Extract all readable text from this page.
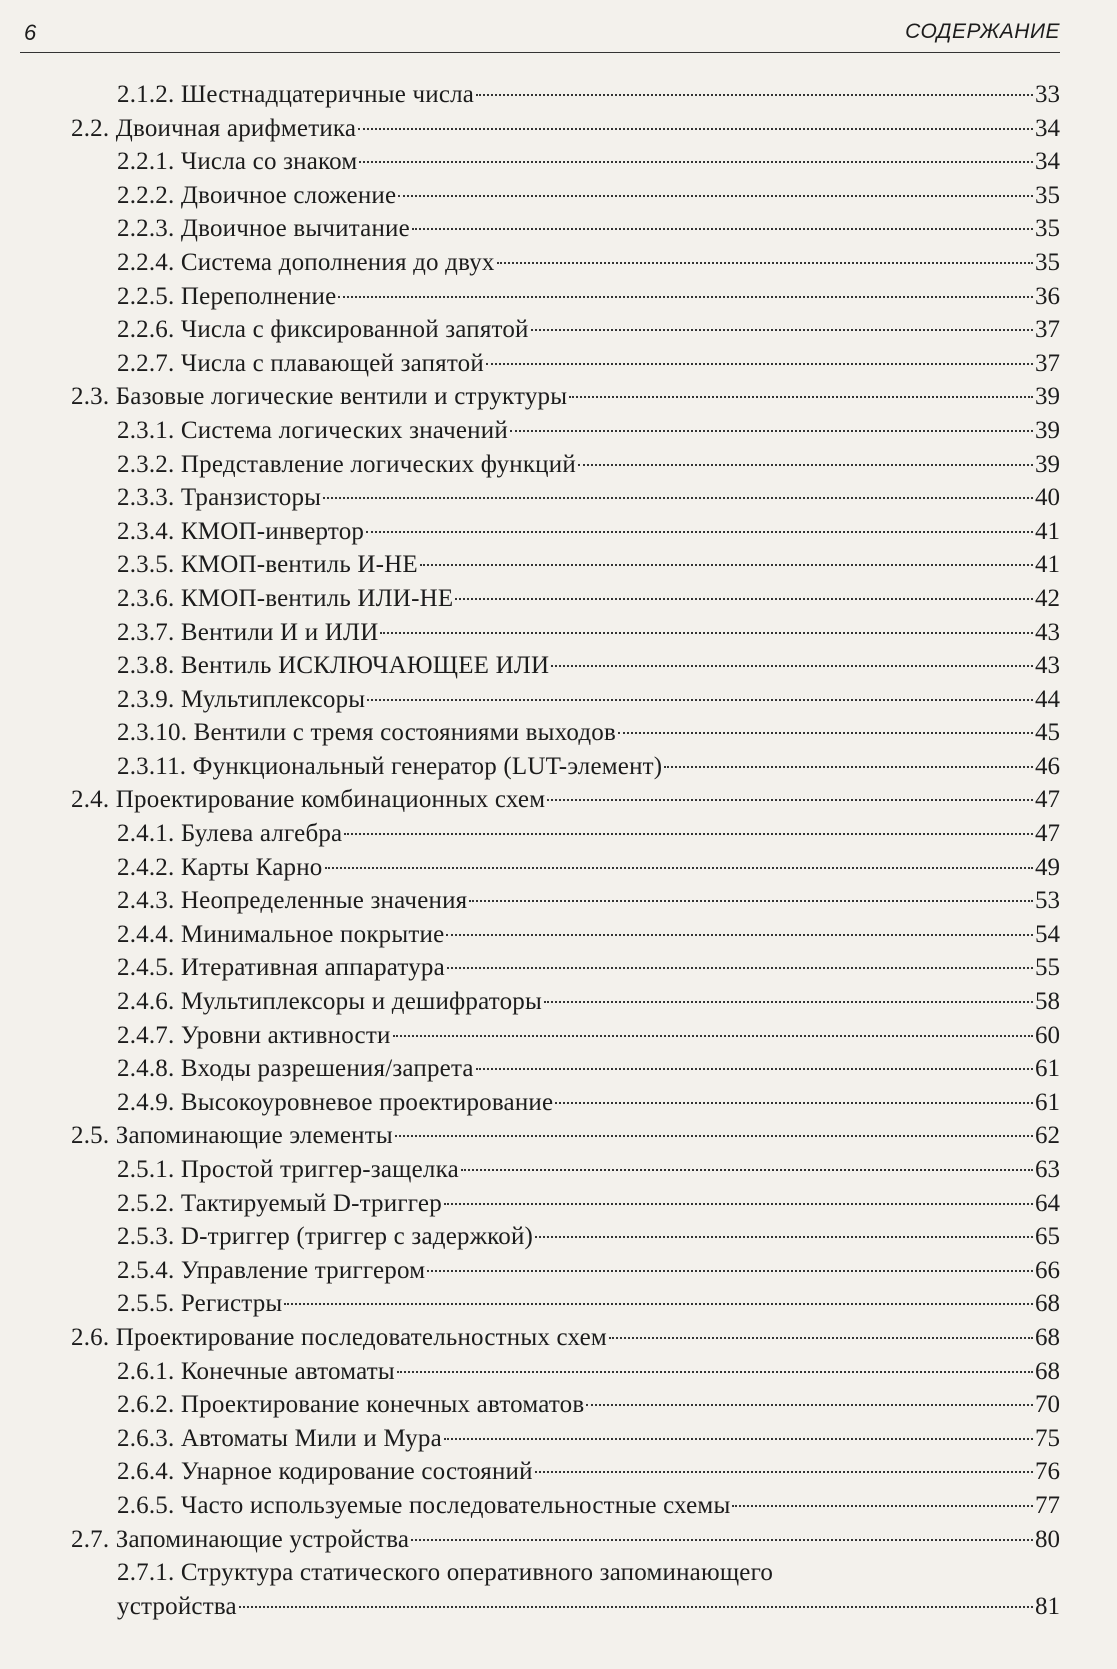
6	СОДЕРЖАНИЕ
2.1.2. Шестнадцатеричные числа	33
2.2. Двоичная арифметика	34
2.2.1. Числа со знаком	34
2.2.2. Двоичное сложение	35
2.2.3. Двоичное вычитание	35
2.2.4. Система дополнения до двух	35
2.2.5. Переполнение	36
2.2.6. Числа с фиксированной запятой	37
2.2.7. Числа с плавающей запятой	37
2.3. Базовые логические вентили и структуры	39
2.3.1. Система логических значений	39
2.3.2. Представление логических функций	39
2.3.3. Транзисторы	40
2.3.4. КМОП-инвертор	41
2.3.5. КМОП-вентиль И-НЕ	41
2.3.6. КМОП-вентиль ИЛИ-НЕ	42
2.3.7. Вентили И и ИЛИ	43
2.3.8. Вентиль ИСКЛЮЧАЮЩЕЕ ИЛИ	43
2.3.9. Мультиплексоры	44
2.3.10. Вентили с тремя состояниями выходов	45
2.3.11. Функциональный генератор (LUT-элемент)	46
2.4. Проектирование комбинационных схем	47
2.4.1. Булева алгебра	47
2.4.2. Карты Карно	49
2.4.3. Неопределенные значения	53
2.4.4. Минимальное покрытие	54
2.4.5. Итеративная аппаратура	55
2.4.6. Мультиплексоры и дешифраторы	58
2.4.7. Уровни активности	60
2.4.8. Входы разрешения/запрета	61
2.4.9. Высокоуровневое проектирование	61
2.5. Запоминающие элементы	62
2.5.1. Простой триггер-защелка	63
2.5.2. Тактируемый D-триггер	64
2.5.3. D-триггер (триггер с задержкой)	65
2.5.4. Управление триггером	66
2.5.5. Регистры	68
2.6. Проектирование последовательностных схем	68
2.6.1. Конечные автоматы	68
2.6.2. Проектирование конечных автоматов	70
2.6.3. Автоматы Мили и Мура	75
2.6.4. Унарное кодирование состояний	76
2.6.5. Часто используемые последовательностные схемы	77
2.7. Запоминающие устройства	80
2.7.1. Структура статического оперативного запоминающего
устройства	81
